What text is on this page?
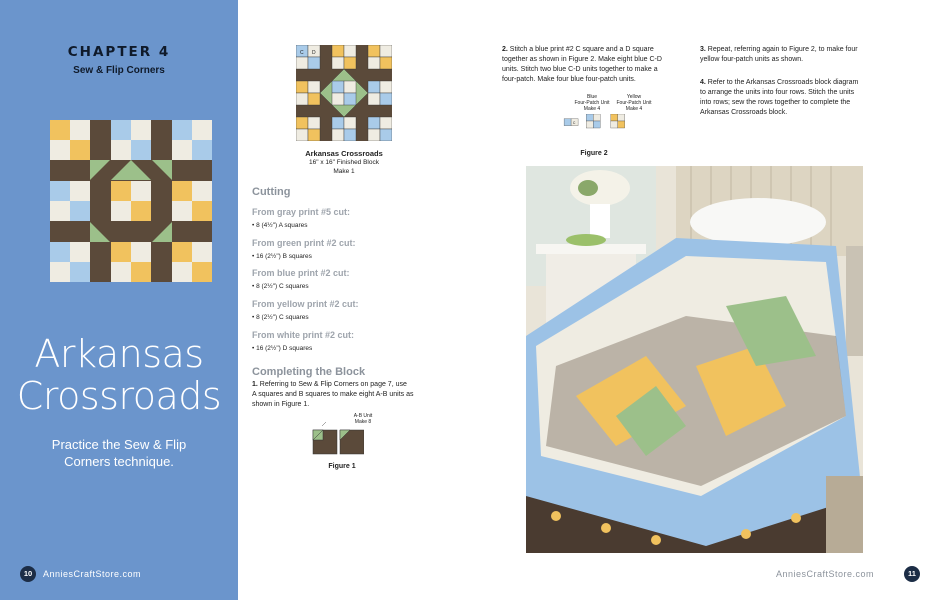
CHAPTER 4
Sew & Flip Corners
Arkansas
Crossroads
Practice the Sew & Flip
Corners technique.
10	AnniesCraftStore.com
C D
Arkansas Crossroads
16" x 16" Finished Block
Make 1
Cutting
From gray print #5 cut:
• 8 (4½") A squares
From green print #2 cut:
• 16 (2½") B squares
From blue print #2 cut:
• 8 (2½") C squares
From yellow print #2 cut:
• 8 (2½") C squares
From white print #2 cut:
• 16 (2½") D squares
Completing the Block
1. Referring to Sew & Flip Corners on page 7, use
A squares and B squares to make eight A-B units as
shown in Figure 1.
A-B Unit
Make 8
Figure 1
2. Stitch a blue print #2 C square and a D square
together as shown in Figure 2. Make eight blue C-D
units. Stitch two blue C-D units together to make a
four-patch. Make four blue four-patch units.
3. Repeat, referring again to Figure 2, to make four
yellow four-patch units as shown.
4. Refer to the Arkansas Crossroads block diagram
to arrange the units into four rows. Stitch the units
into rows; sew the rows together to complete the
Arkansas Crossroads block.
Blue
Four-Patch Unit
Make 4
Yellow
Four-Patch Unit
Make 4
C
Figure 2
11
AnniesCraftStore.com
